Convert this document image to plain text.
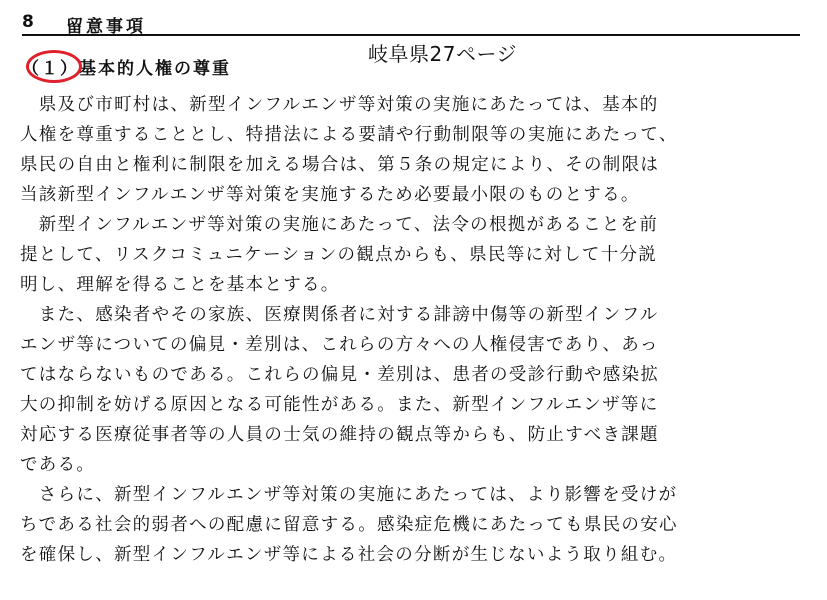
8 留意事項
（１）基本的人権の尊重
岐阜県27ページ
　県及び市町村は、新型インフルエンザ等対策の実施にあたっては、基本的
人権を尊重することとし、特措法による要請や行動制限等の実施にあたって、
県民の自由と権利に制限を加える場合は、第５条の規定により、その制限は
当該新型インフルエンザ等対策を実施するため必要最小限のものとする。
　新型インフルエンザ等対策の実施にあたって、法令の根拠があることを前
提として、リスクコミュニケーションの観点からも、県民等に対して十分説
明し、理解を得ることを基本とする。
　また、感染者やその家族、医療関係者に対する誹謗中傷等の新型インフル
エンザ等についての偏見・差別は、これらの方々への人権侵害であり、あっ
てはならないものである。これらの偏見・差別は、患者の受診行動や感染拡
大の抑制を妨げる原因となる可能性がある。また、新型インフルエンザ等に
対応する医療従事者等の人員の士気の維持の観点等からも、防止すべき課題
である。
　さらに、新型インフルエンザ等対策の実施にあたっては、より影響を受けが
ちである社会的弱者への配慮に留意する。感染症危機にあたっても県民の安心
を確保し、新型インフルエンザ等による社会の分断が生じないよう取り組む。
